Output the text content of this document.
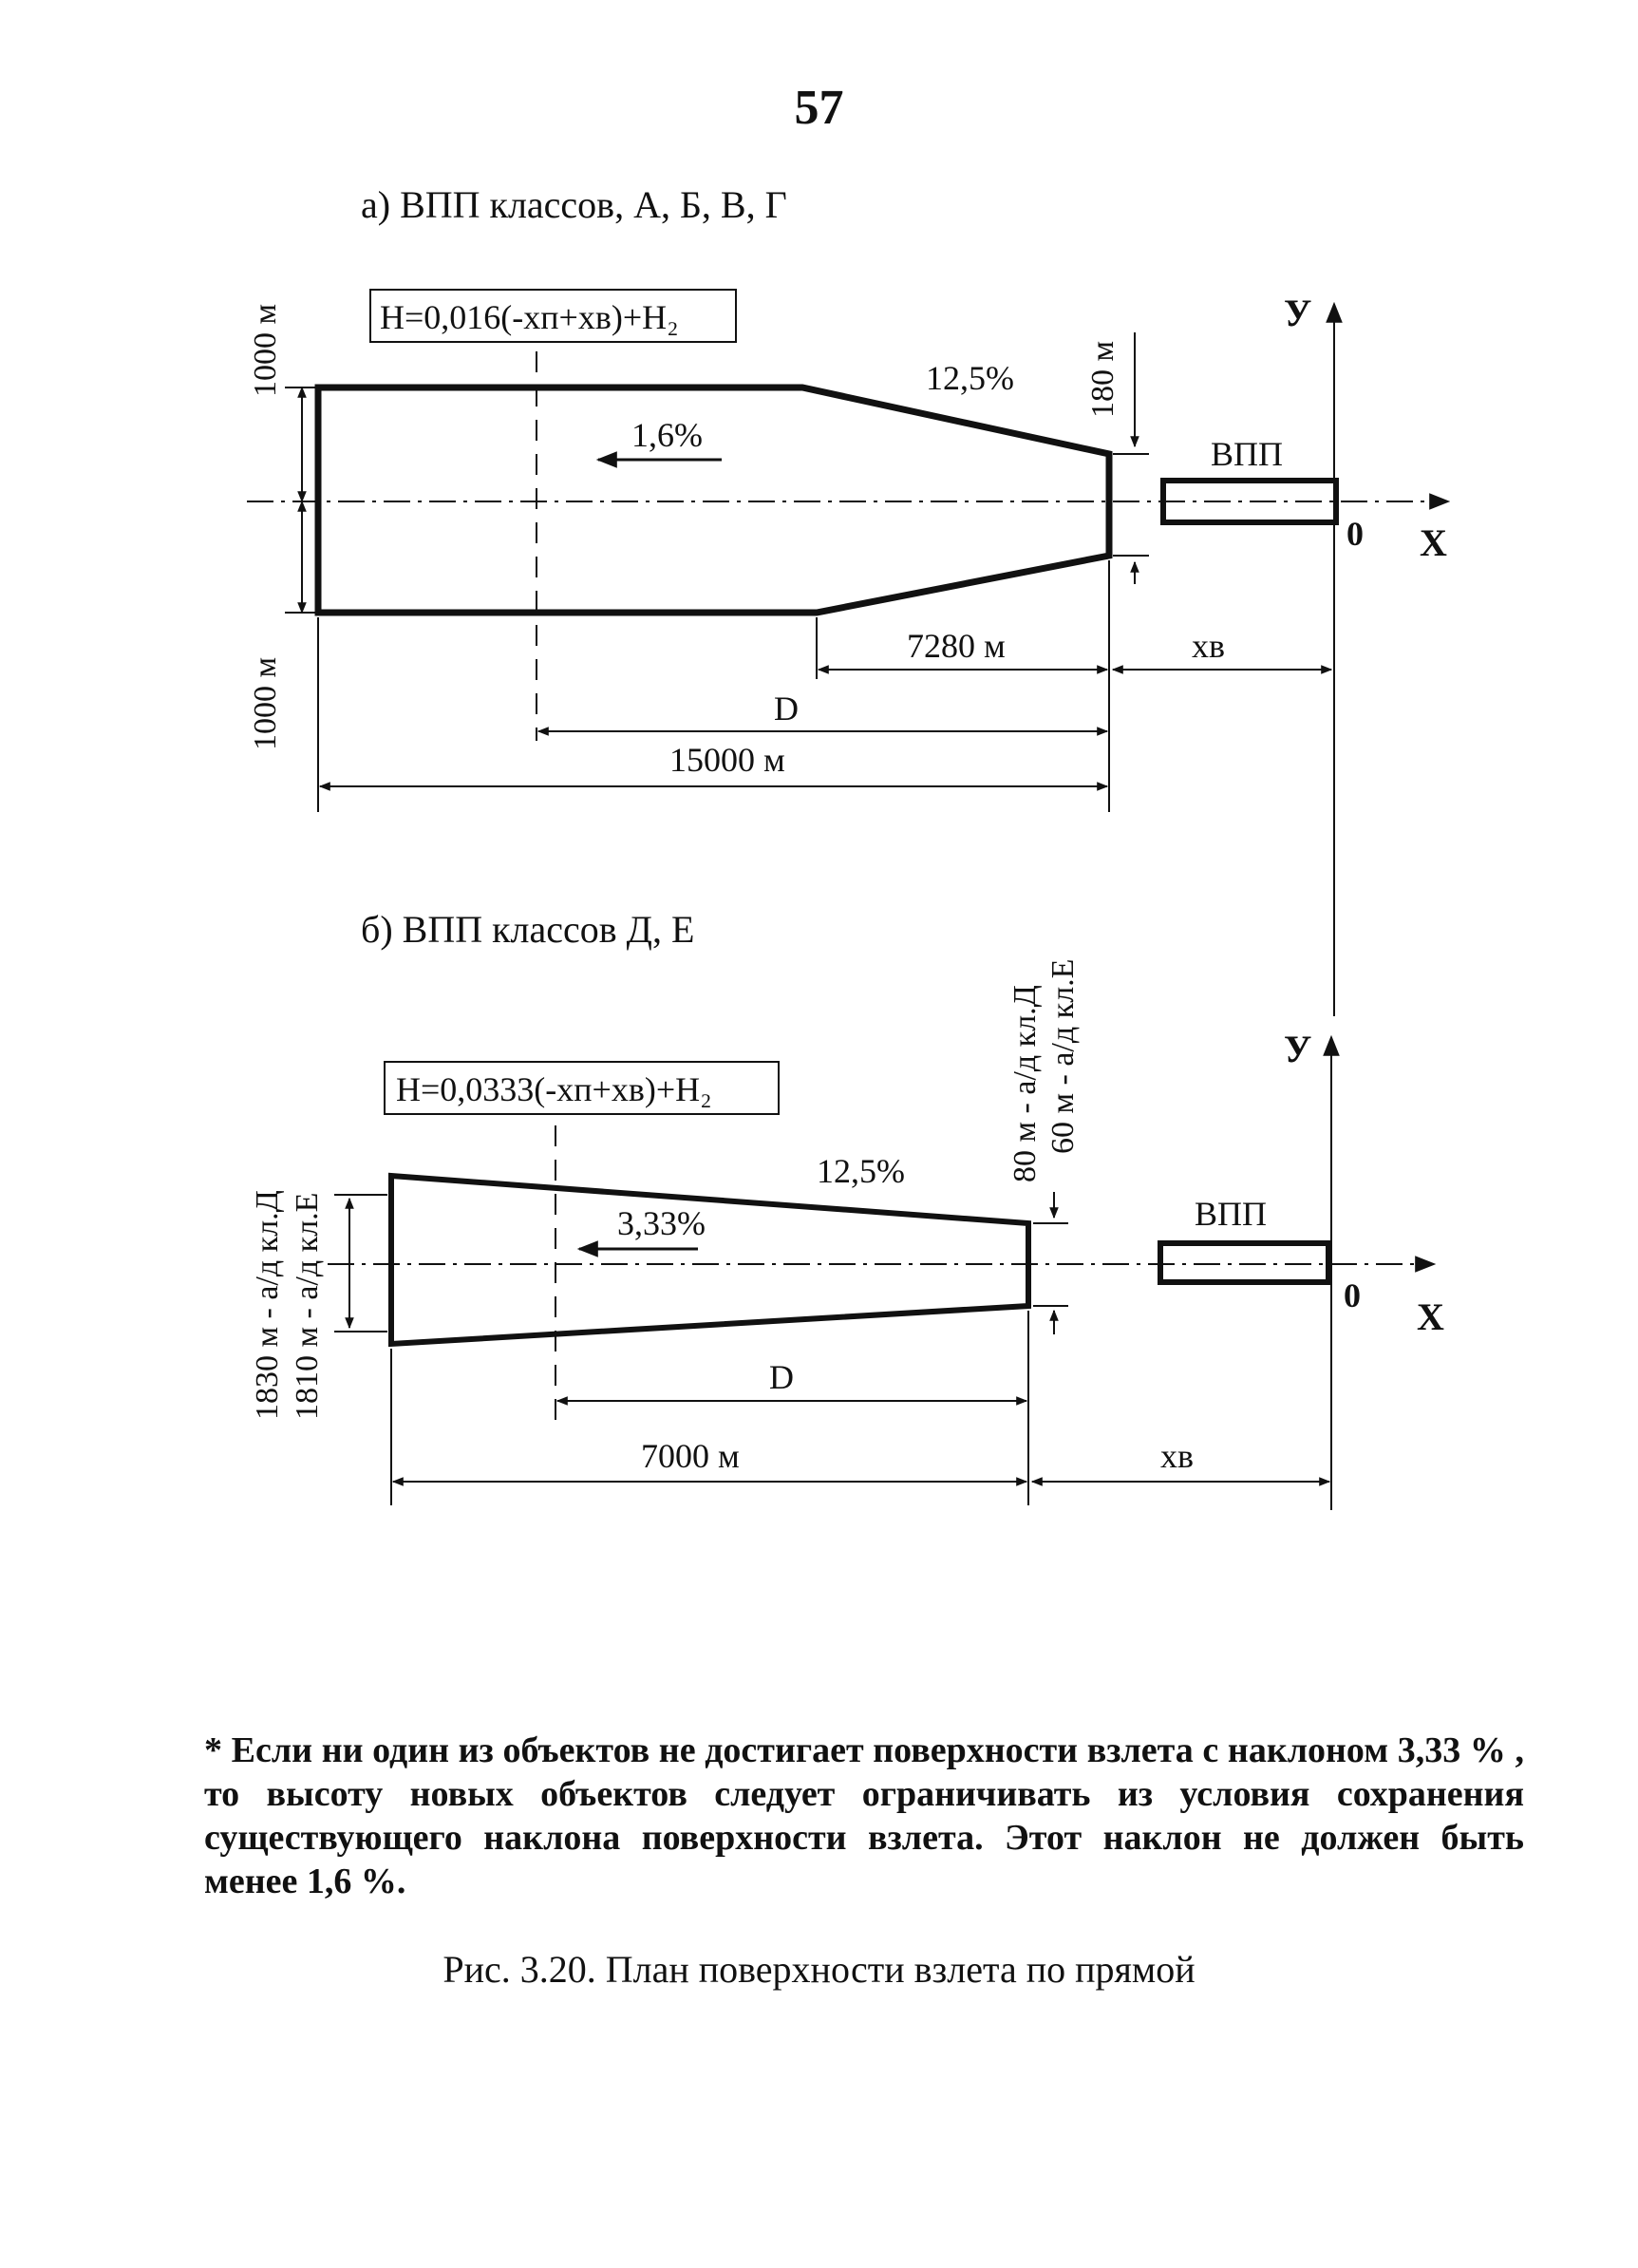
57
а) ВПП классов, А, Б, В, Г
б) ВПП классов Д, Е
H=0,016(-xп+xв)+H₂	У
X
0
ВПП
1,6%
12,5%
1000 м
1000 м
180 м
7280 м	xв
D
15000 м
H=0,0333(-xп+xв)+H₂
У
X
0
ВПП
3,33%
12,5%
1830 м - а/д кл.Д 1810 м - а/д кл.Е
80 м - а/д кл.Д 60 м - а/д кл.Е
D
7000 м	xв
* Если ни один из объектов не достигает поверхности взлета с наклоном 3,33 % , то высоту новых объектов следует ограничивать из условия сохранения существующего наклона поверхности взлета. Этот наклон не должен быть менее 1,6 %.
Рис. 3.20. План поверхности взлета по прямой
